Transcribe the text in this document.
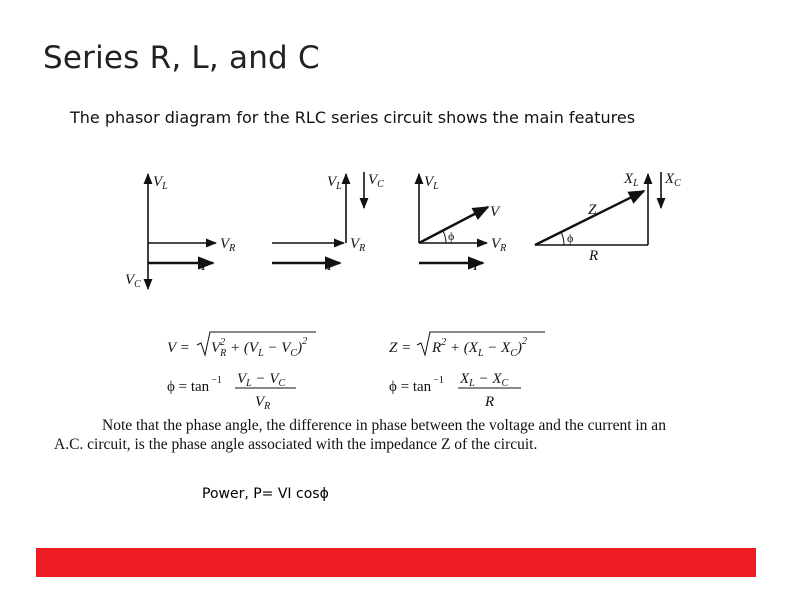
Series R, L, and C
The phasor diagram for the RLC series circuit shows the main features
$V_L$
$V_R$
I
$V_C$
$V_L$ $V_C$
$V_R$
I
$V_L$
V
ϕ $V_R$
I
$X_L$ $X_C$
Z
ϕ
R
$V = V^2$ $R + (V_L - V_C)^2$	$Z = R^2 + (X_L - X_C)^2$
ϕ = tan $^{-1}$ $V_L - V_C$
$V_R$
ϕ = tan $^{-1}$ $X_L - X_C$
R
Note that the phase angle, the difference in phase between the voltage and the current in an
A.C. circuit, is the phase angle associated with the impedance Z of the circuit.
Power, P= VI cosϕ
